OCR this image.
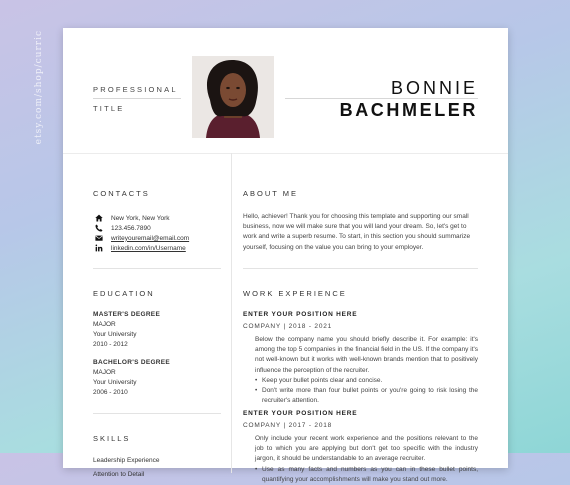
etsy.com/shop/curric	PROFESSIONAL
TITLE
BONNIE
BACHMELER
CONTACTS
New York, New York
123.456.7890
writeyouremail@email.com
linkedin.com/in/Username
EDUCATION
MASTER'S DEGREE
MAJOR
Your University
2010 - 2012
BACHELOR'S DEGREE
MAJOR
Your University
2006 - 2010
SKILLS
Leadership Experience
Attention to Detail
ABOUT ME
Hello, achiever! Thank you for choosing this template and supporting our small business, now we will make sure that you will land your dream. So, let's get to work and write a superb resume. To start, in this section you should summarize yourself, focusing on the value you can bring to your employer.
WORK EXPERIENCE
ENTER YOUR POSITION HERE
COMPANY | 2018 - 2021

Below the company name you should briefly describe it. For example: it's among the top 5 companies in the financial field in the US. If the company it's not well-known but it works with well-known brands mention that to positively influence the perception of the recruiter.

• Keep your bullet points clear and concise.
• Don't write more than four bullet points or you're going to risk losing the recruiter's attention.
ENTER YOUR POSITION HERE
COMPANY | 2017 - 2018

Only include your recent work experience and the positions relevant to the job to which you are applying but don't get too specific with the industry jargon, it should be understandable to an average recruiter.

• Use as many facts and numbers as you can in these bullet points, quantifying your accomplishments will make you stand out more.
